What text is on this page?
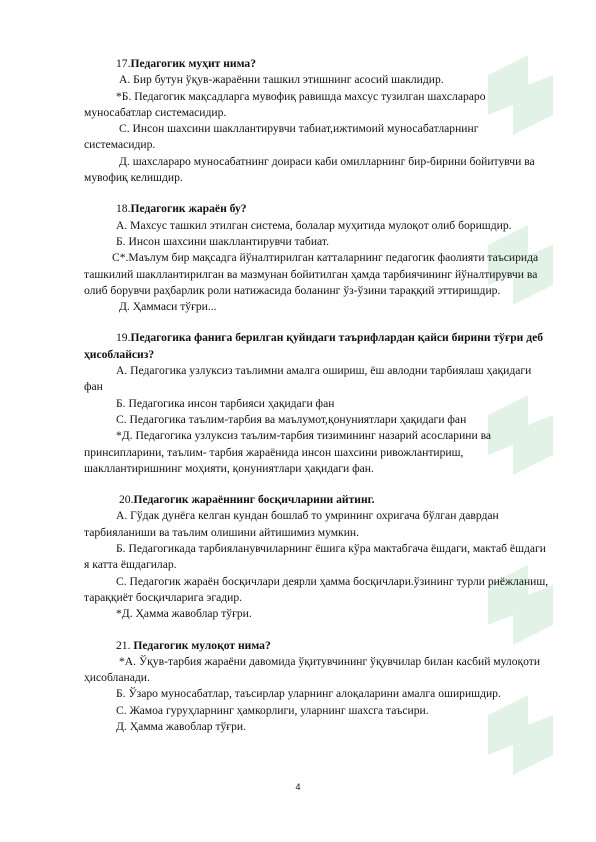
17.Педагогик муҳит нима?

А. Бир бутун ўқув-жараённи ташкил этишнинг асосий шаклидир.

*Б. Педагогик мақсадларга мувофиқ равишда махсус тузилган шахслараро муносабатлар системасидир.

С. Инсон шахсини шакллантирувчи табиат,ижтимоий муносабатларнинг системасидир.

Д. шахслараро муносабатнинг доираси каби омилларнинг бир-бирини бойитувчи ва мувофиқ келишдир.

18.Педагогик жараён бу?

А. Махсус ташкил этилган система, болалар муҳитида мулоқот олиб боришдир.

Б. Инсон шахсини шакллантирувчи табиат.

С*.Маълум бир мақсадга йўналтирилган катталарнинг педагогик фаолияти таъсирида ташкилий шакллантирилган ва мазмунан бойитилган ҳамда тарбиячининг йўналтирувчи ва олиб борувчи раҳбарлик роли натижасида боланинг ўз-ўзини тараққий эттиришдир.

Д. Ҳаммаси тўғри...

19.Педагогика фанига берилган қуйидаги таърифлардан қайси бирини тўғри деб ҳисоблайсиз?

А. Педагогика узлуксиз таълимни амалга ошириш, ёш авлодни тарбиялаш ҳақидаги фан

Б. Педагогика инсон тарбияси ҳақидаги фан

С. Педагогика таълим-тарбия ва маълумот,қонуниятлари ҳақидаги фан

*Д. Педагогика узлуксиз таълим-тарбия тизимининг назарий асосларини ва принсипларини, таълим- тарбия жараёнида инсон шахсини ривожлантириш, шакллантиришнинг моҳияти, қонуниятлари ҳақидаги фан.

20.Педагогик жараённинг босқичларини айтинг.

А. Гўдак дунёга келган кундан бошлаб то умрининг охригача бўлган даврдан тарбияланиши ва таълим олишини айтишимиз мумкин.

Б. Педагогикада тарбияланувчиларнинг ёшига кўра мактабгача ёшдаги, мактаб ёшдаги я катта ёшдагилар.

С. Педагогик жараён босқичлари деярли ҳамма босқичлари.ўзининг турли риёжланиш, тараққиёт босқичларига эгадир.

*Д. Ҳамма жавоблар тўғри.

21. Педагогик мулоқот нима?

*А. Ўқув-тарбия жараёни давомида ўқитувчининг ўқувчилар билан касбий мулоқоти ҳисобланади.

Б. Ўзаро муносабатлар, таъсирлар уларнинг алоқаларини амалга оширишдир.

С. Жамоа гуруҳларнинг ҳамкорлиги, уларнинг шахсга таъсири.

Д. Ҳамма жавоблар тўғри.

4
